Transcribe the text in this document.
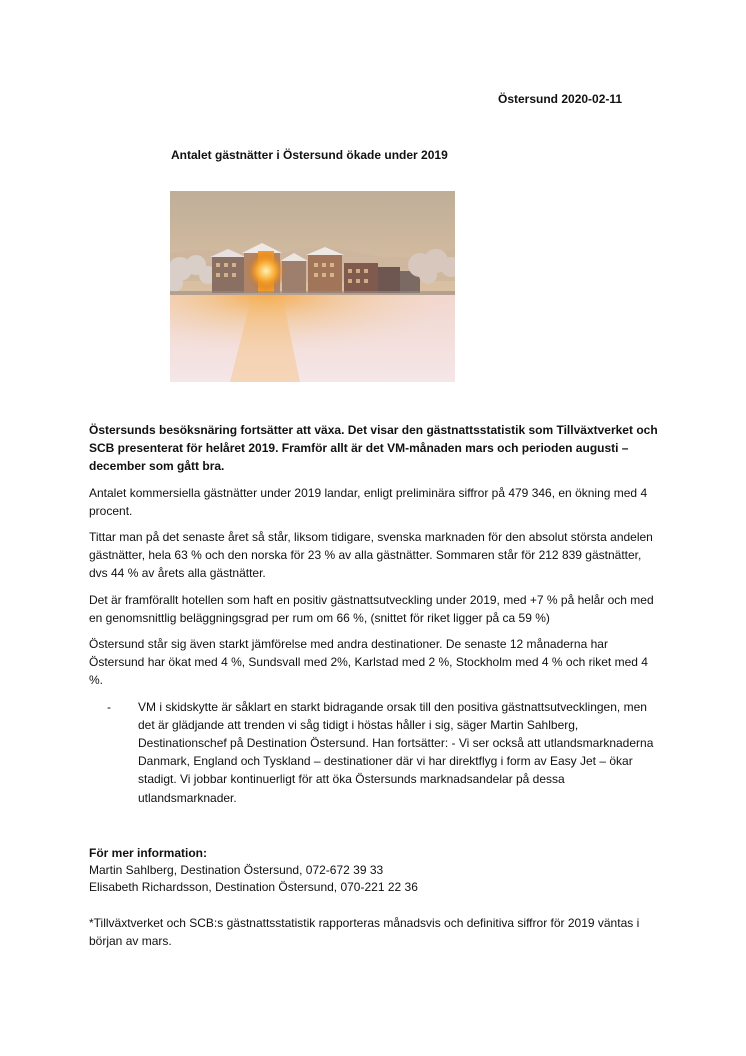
Östersund 2020-02-11
Antalet gästnätter i Östersund ökade under 2019

Östersunds besöksnäring fortsätter att växa. Det visar den gästnattsstatistik som Tillväxtverket och SCB presenterat för helåret 2019. Framför allt är det VM-månaden mars och perioden augusti – december som gått bra.

Antalet kommersiella gästnätter under 2019 landar, enligt preliminära siffror på 479 346, en ökning med 4 procent.

Tittar man på det senaste året så står, liksom tidigare, svenska marknaden för den absolut största andelen gästnätter, hela 63 % och den norska för 23 % av alla gästnätter. Sommaren står för 212 839 gästnätter, dvs 44 % av årets alla gästnätter.

Det är framförallt hotellen som haft en positiv gästnattsutveckling under 2019, med +7 % på helår och med en genomsnittlig beläggningsgrad per rum om 66 %, (snittet för riket ligger på ca 59 %)

Östersund står sig även starkt jämförelse med andra destinationer. De senaste 12 månaderna har Östersund har ökat med 4 %, Sundsvall med 2%, Karlstad med 2 %, Stockholm med 4 % och riket med 4 %.

-	VM i skidskytte är såklart en starkt bidragande orsak till den positiva gästnattsutvecklingen, men det är glädjande att trenden vi såg tidigt i höstas håller i sig, säger Martin Sahlberg, Destinationschef på Destination Östersund. Han fortsätter: - Vi ser också att utlandsmarknaderna Danmark, England och Tyskland – destinationer där vi har direktflyg i form av Easy Jet – ökar stadigt. Vi jobbar kontinuerligt för att öka Östersunds marknadsandelar på dessa utlandsmarknader.
För mer information:
Martin Sahlberg, Destination Östersund, 072-672 39 33
Elisabeth Richardsson, Destination Östersund, 070-221 22 36
*Tillväxtverket och SCB:s gästnattsstatistik rapporteras månadsvis och definitiva siffror för 2019 väntas i början av mars.
